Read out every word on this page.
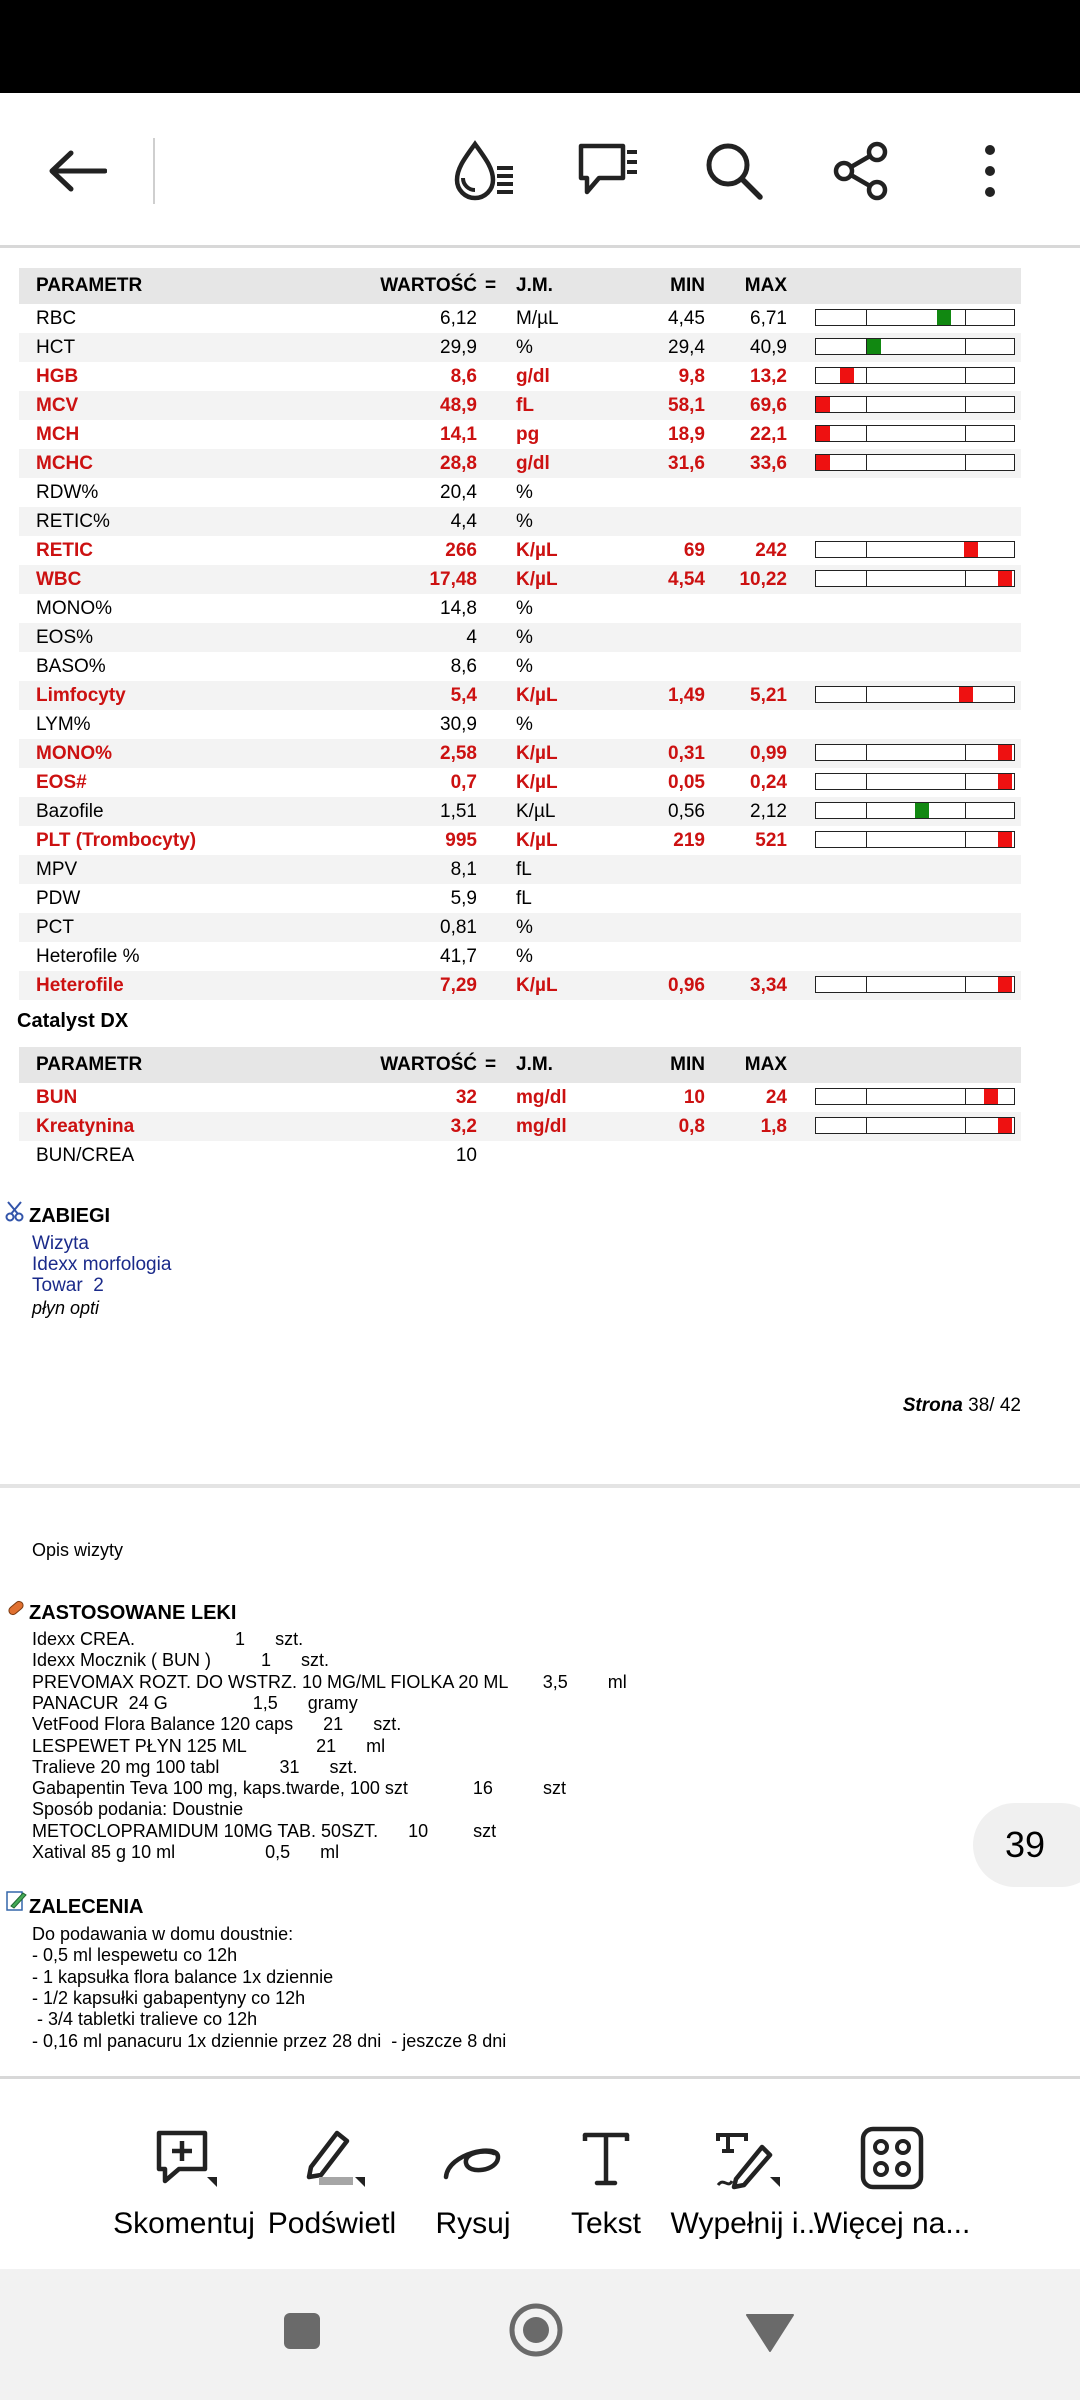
PARAMETR	WARTOŚĆ = J.M.	MIN MAX
RBC	6,12 M/µL	4,45 6,71
HCT	29,9 %	29,4 40,9
HGB	8,6 g/dl	9,8 13,2
MCV	48,9 fL	58,1 69,6
MCH	14,1 pg	18,9 22,1
MCHC	28,8 g/dl	31,6 33,6
RDW%	20,4 %
RETIC%	4,4 %
RETIC	266 K/µL	69	242
WBC	17,48 K/µL	4,54 10,22
MONO%	14,8 %
EOS%	4 %
BASO%	8,6 %
Limfocyty	5,4 K/µL	1,49 5,21
LYM%	30,9 %
MONO%	2,58 K/µL	0,31 0,99
EOS#	0,7 K/µL	0,05 0,24
Bazofile	1,51 K/µL	0,56 2,12
PLT (Trombocyty)	995 K/µL	219	521
MPV	8,1 fL
PDW	5,9 fL
PCT	0,81 %
Heterofile %	41,7 %
Heterofile	7,29 K/µL	0,96 3,34
Catalyst DX
PARAMETR	WARTOŚĆ = J.M.	MIN MAX
BUN	32 mg/dl	10	24
Kreatynina	3,2 mg/dl	0,8	1,8
BUN/CREA	10
ZABIEGI
Wizyta
Idexx morfologia
Towar  2
płyn opti
Strona 38/ 42
Opis wizyty
ZASTOSOWANE LEKI
Idexx CREA.                    1      szt.
Idexx Mocznik ( BUN )          1      szt.
PREVOMAX ROZT. DO WSTRZ. 10 MG/ML FIOLKA 20 ML       3,5        ml
PANACUR  24 G                 1,5      gramy
VetFood Flora Balance 120 caps      21      szt.
LESPEWET PŁYN 125 ML              21      ml
Tralieve 20 mg 100 tabl            31      szt.
Gabapentin Teva 100 mg, kaps.twarde, 100 szt             16          szt
Sposób podania: Doustnie
METOCLOPRAMIDUM 10MG TAB. 50SZT.      10         szt
Xatival 85 g 10 ml                  0,5      ml
ZALECENIA
Do podawania w domu doustnie:
- 0,5 ml lespewetu co 12h
- 1 kapsułka flora balance 1x dziennie
- 1/2 kapsułki gabapentyny co 12h
- 3/4 tabletki tralieve co 12h
- 0,16 ml panacuru 1x dziennie przez 28 dni  - jeszcze 8 dni
39
Skomentuj Podświetl	Rysuj	Tekst Wypełnij i...
Więcej na...
